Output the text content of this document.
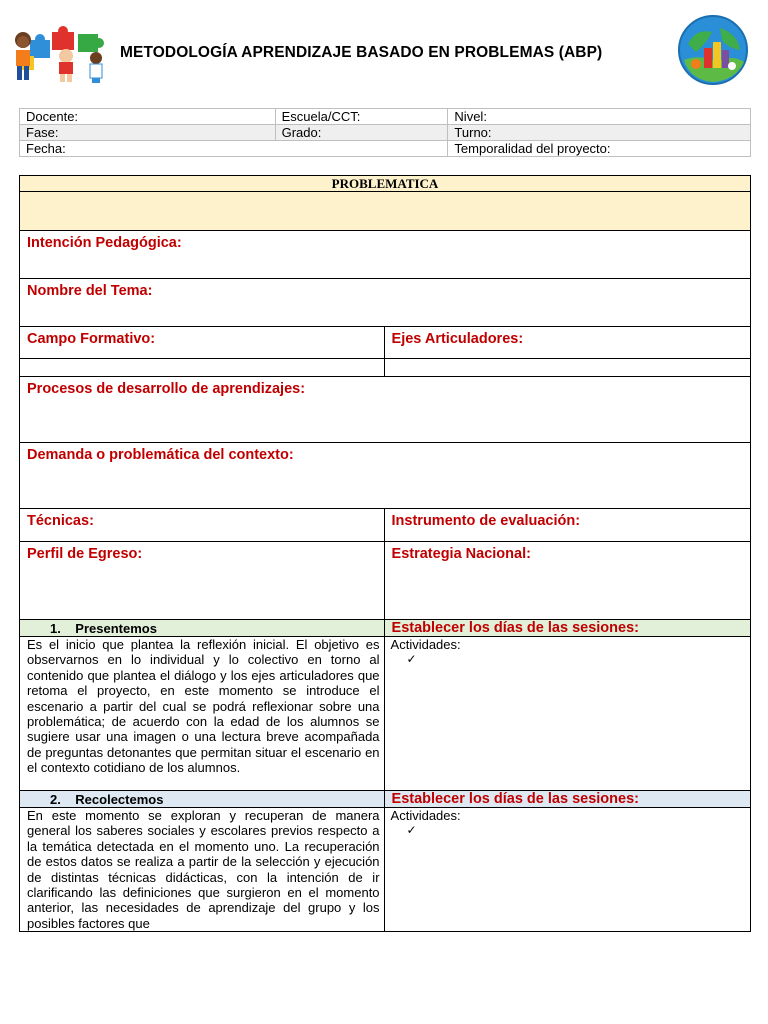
METODOLOGÍA APRENDIZAJE BASADO EN PROBLEMAS (ABP)
Docente:	Escuela/CCT:	Nivel:
Fase:	Grado:	Turno:
Fecha:		Temporalidad del proyecto:
PROBLEMATICA	

Intención Pedagógica:	

Nombre del Tema:	

Campo Formativo:	Ejes Articuladores:

Procesos de desarrollo de aprendizajes:	

Demanda o problemática del contexto:	

Técnicas:	Instrumento de evaluación:

Perfil de Egreso:	Estrategia Nacional:

1. Presentemos	Establecer los días de las sesiones:

Es el inicio que plantea la reflexión inicial. El objetivo es observarnos en lo individual y lo colectivo en torno al contenido que plantea el diálogo y los ejes articuladores que retoma el proyecto, en este momento se introduce el escenario a partir del cual se podrá reflexionar sobre una problemática; de acuerdo con la edad de los alumnos se sugiere usar una imagen o una lectura breve acompañada de preguntas detonantes que permitan situar el escenario en el contexto cotidiano de los alumnos.	Actividades:
✓

2. Recolectemos	Establecer los días de las sesiones:

En este momento se exploran y recuperan de manera general los saberes sociales y escolares previos respecto a la temática detectada en el momento uno. La recuperación de estos datos se realiza a partir de la selección y ejecución de distintas técnicas didácticas, con la intención de ir clarificando las definiciones que surgieron en el momento anterior, las necesidades de aprendizaje del grupo y los posibles factores que	Actividades:
✓
